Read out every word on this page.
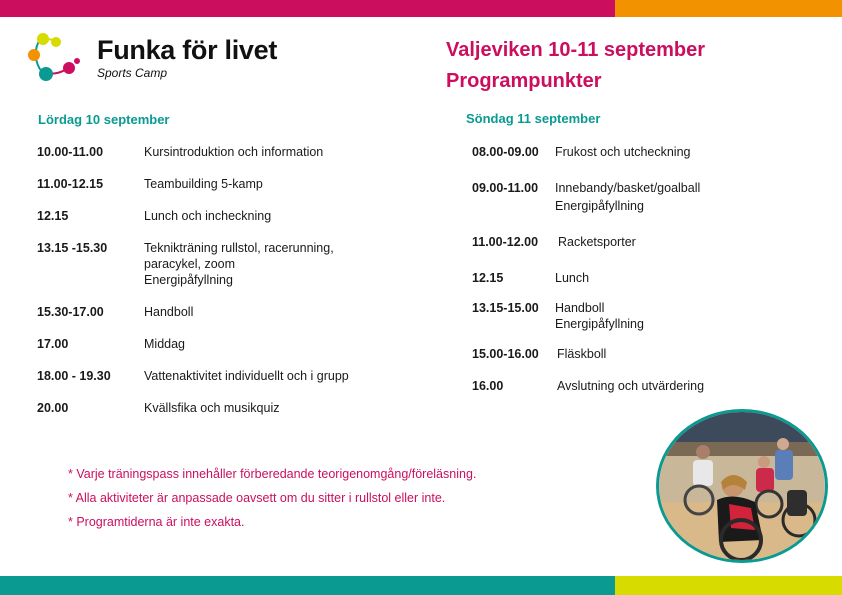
Funka för livet
Sports Camp
Valjeviken 10-11 september
Programpunkter
Lördag 10 september
10.00-11.00	Kursintroduktion och information
11.00-12.15	Teambuilding 5-kamp
12.15	Lunch och incheckning
13.15 -15.30	Teknikträning rullstol, racerunning,
paracykel, zoom
Energipåfyllning
15.30-17.00	Handboll
17.00	Middag
18.00 - 19.30	Vattenaktivitet individuellt och i grupp
20.00	Kvällsfika och musikquiz
Söndag 11 september
08.00-09.00 Frukost och utcheckning
09.00-11.00 Innebandy/basket/goalball
Energipåfyllning
11.00-12.00 Racketsporter
12.15	Lunch
13.15-15.00 Handboll
Energipåfyllning
15.00-16.00 Fläskboll
16.00	Avslutning och utvärdering
* Varje träningspass innehåller förberedande teorigenomgång/föreläsning.
* Alla aktiviteter är anpassade oavsett om du sitter i rullstol eller inte.
* Programtiderna är inte exakta.
